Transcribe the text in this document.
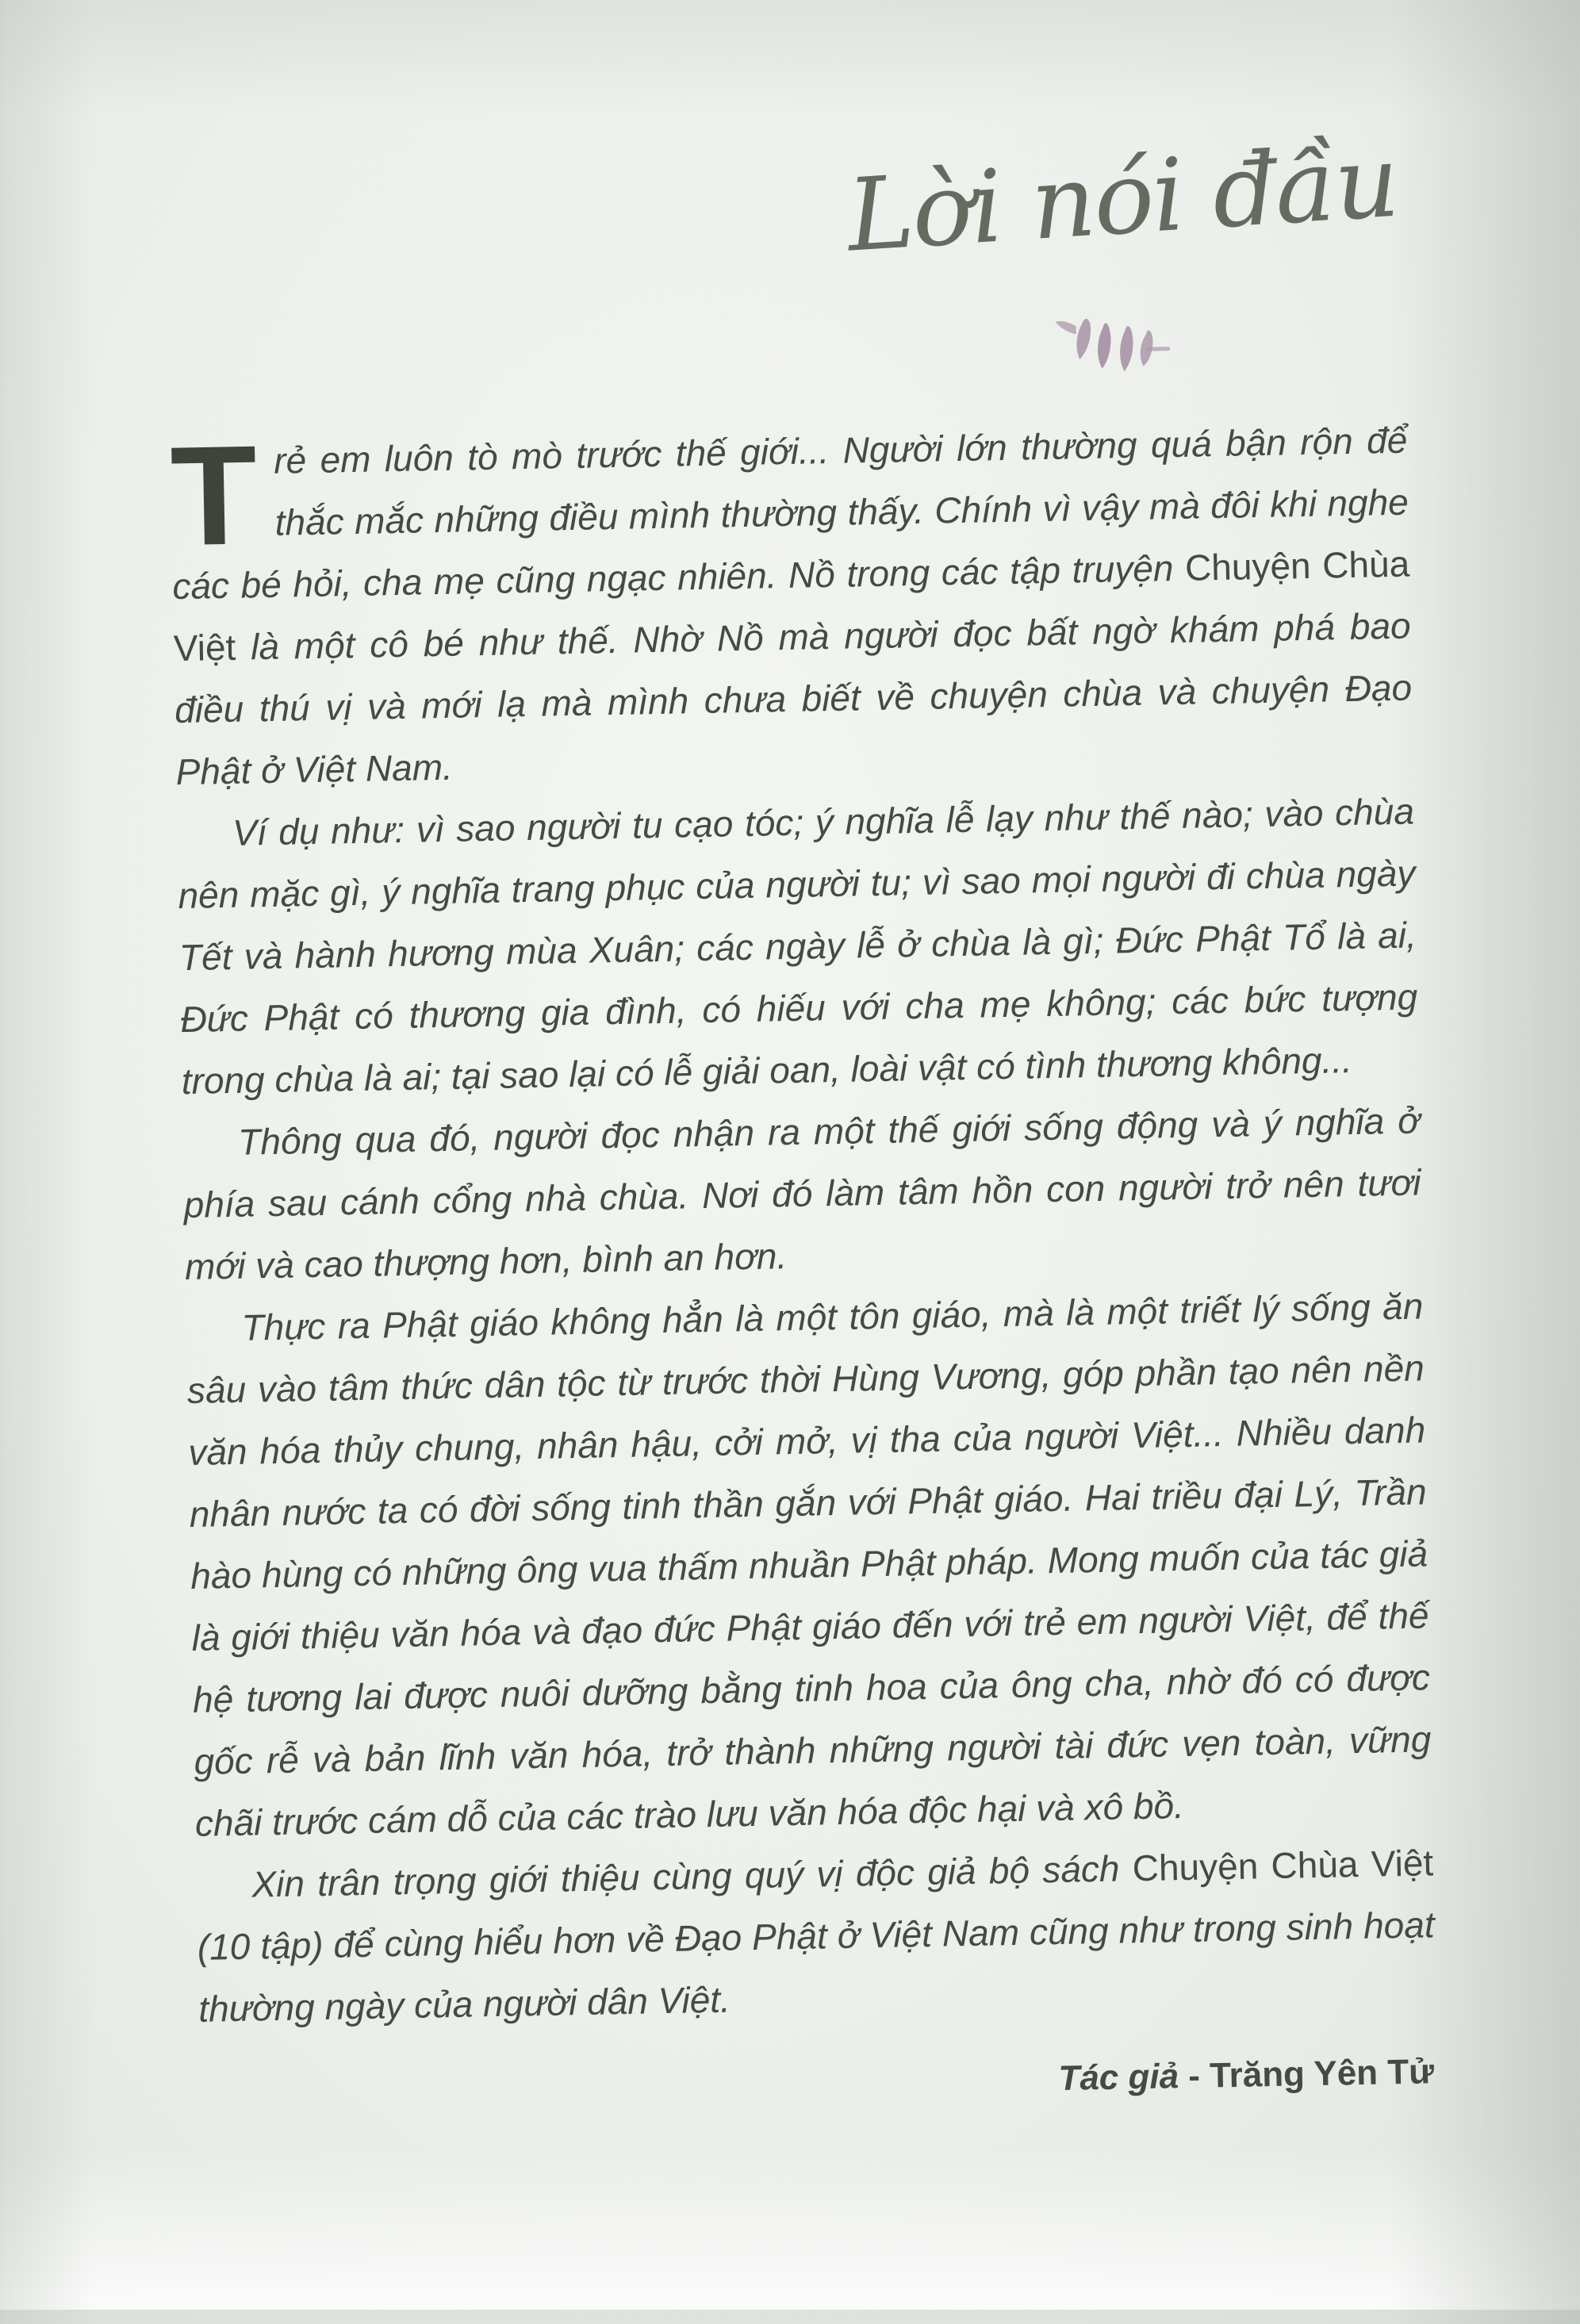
Lời nói đầu

T rẻ em luôn tò mò trước thế giới... Người lớn thường quá bận rộn để thắc mắc những điều mình thường thấy. Chính vì vậy mà đôi khi nghe các bé hỏi, cha mẹ cũng ngạc nhiên. Nồ trong các tập truyện Chuyện Chùa Việt là một cô bé như thế. Nhờ Nồ mà người đọc bất ngờ khám phá bao điều thú vị và mới lạ mà mình chưa biết về chuyện chùa và chuyện Đạo Phật ở Việt Nam.

Ví dụ như: vì sao người tu cạo tóc; ý nghĩa lễ lạy như thế nào; vào chùa nên mặc gì, ý nghĩa trang phục của người tu; vì sao mọi người đi chùa ngày Tết và hành hương mùa Xuân; các ngày lễ ở chùa là gì; Đức Phật Tổ là ai, Đức Phật có thương gia đình, có hiếu với cha mẹ không; các bức tượng trong chùa là ai; tại sao lại có lễ giải oan, loài vật có tình thương không...

Thông qua đó, người đọc nhận ra một thế giới sống động và ý nghĩa ở phía sau cánh cổng nhà chùa. Nơi đó làm tâm hồn con người trở nên tươi mới và cao thượng hơn, bình an hơn.

Thực ra Phật giáo không hẳn là một tôn giáo, mà là một triết lý sống ăn sâu vào tâm thức dân tộc từ trước thời Hùng Vương, góp phần tạo nên nền văn hóa thủy chung, nhân hậu, cởi mở, vị tha của người Việt... Nhiều danh nhân nước ta có đời sống tinh thần gắn với Phật giáo. Hai triều đại Lý, Trần hào hùng có những ông vua thấm nhuần Phật pháp. Mong muốn của tác giả là giới thiệu văn hóa và đạo đức Phật giáo đến với trẻ em người Việt, để thế hệ tương lai được nuôi dưỡng bằng tinh hoa của ông cha, nhờ đó có được gốc rễ và bản lĩnh văn hóa, trở thành những người tài đức vẹn toàn, vững chãi trước cám dỗ của các trào lưu văn hóa độc hại và xô bồ.

Xin trân trọng giới thiệu cùng quý vị độc giả bộ sách Chuyện Chùa Việt (10 tập) để cùng hiểu hơn về Đạo Phật ở Việt Nam cũng như trong sinh hoạt thường ngày của người dân Việt.

Tác giả - Trăng Yên Tử
